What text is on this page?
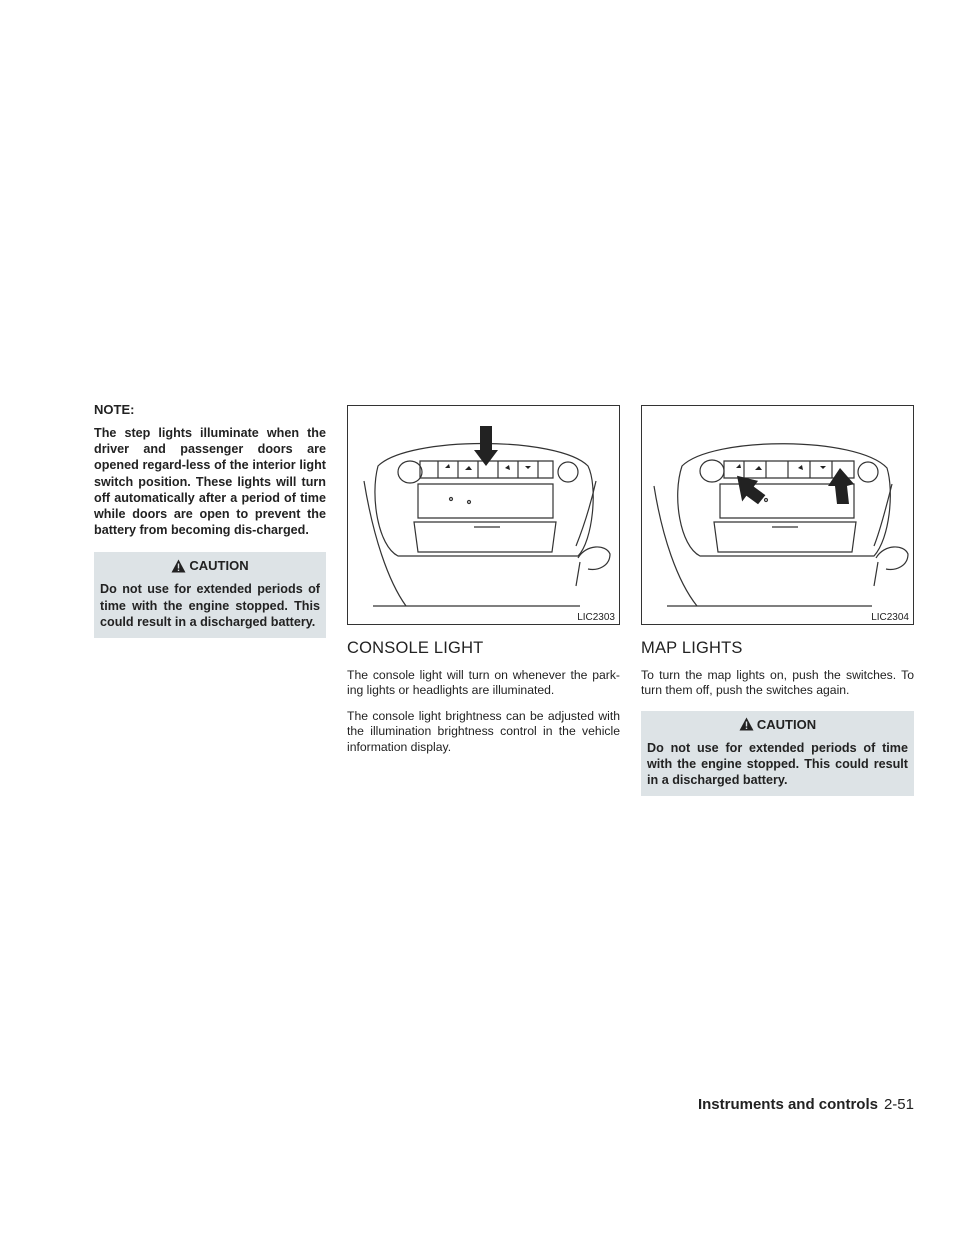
NOTE:

The step lights illuminate when the driver and passenger doors are opened regard-less of the interior light switch position. These lights will turn off automatically after a period of time while doors are open to prevent the battery from becoming dis-charged.

CAUTION

Do not use for extended periods of time with the engine stopped. This could result in a discharged battery.	LIC2303
CONSOLE LIGHT

The console light will turn on whenever the park-ing lights or headlights are illuminated.

The console light brightness can be adjusted with the illumination brightness control in the vehicle information display.

LIC2304
MAP LIGHTS

To turn the map lights on, push the switches. To turn them off, push the switches again.

CAUTION

Do not use for extended periods of time with the engine stopped. This could result in a discharged battery.

Instruments and controls 2-51
